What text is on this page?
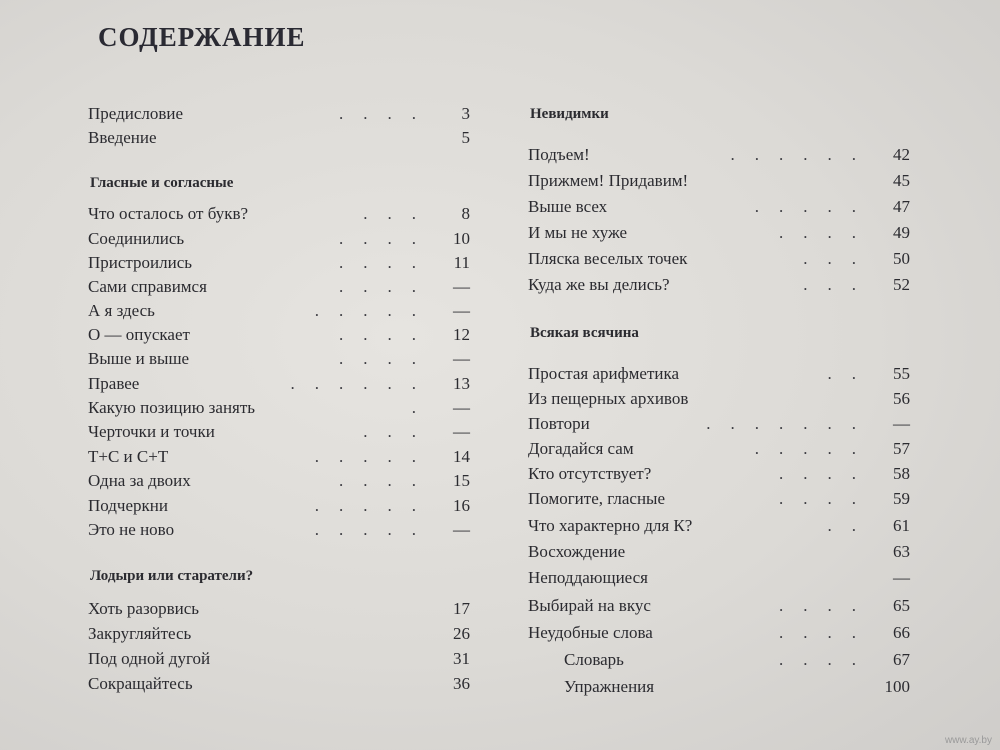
СОДЕРЖАНИЕ
Предисловие	....	3
Введение	5
Гласные и согласные
Что осталось от букв?	...	8
Соединились	....	10
Пристроились	....	11
Сами справимся	....	—
А я здесь	.....	—
О — опускает	....	12
Выше и выше	....	—
Правее	......	13
Какую позицию занять	.	—
Черточки и точки	...	—
Т+С и С+Т	.....	14
Одна за двоих	....	15
Подчеркни	.....	16
Это не ново	.....	—
Лодыри или старатели?
Хоть разорвись	17
Закругляйтесь	26
Под одной дугой	31
Сокращайтесь	36
Невидимки
Подъем!	......	42
Прижмем! Придавим!	45
Выше всех	.....	47
И мы не хуже	....	49
Пляска веселых точек	...	50
Куда же вы делись?	...	52
Всякая всячина
Простая арифметика	..	55
Из пещерных архивов	56
Повтори	.......	—
Догадайся сам	.....	57
Кто отсутствует?	....	58
Помогите, гласные	....	59
Что характерно для К?	..	61
Восхождение	63
Неподдающиеся	—
Выбирай на вкус	....	65
Неудобные слова	....	66
Словарь	....	67
Упражнения	100
www.ay.by
